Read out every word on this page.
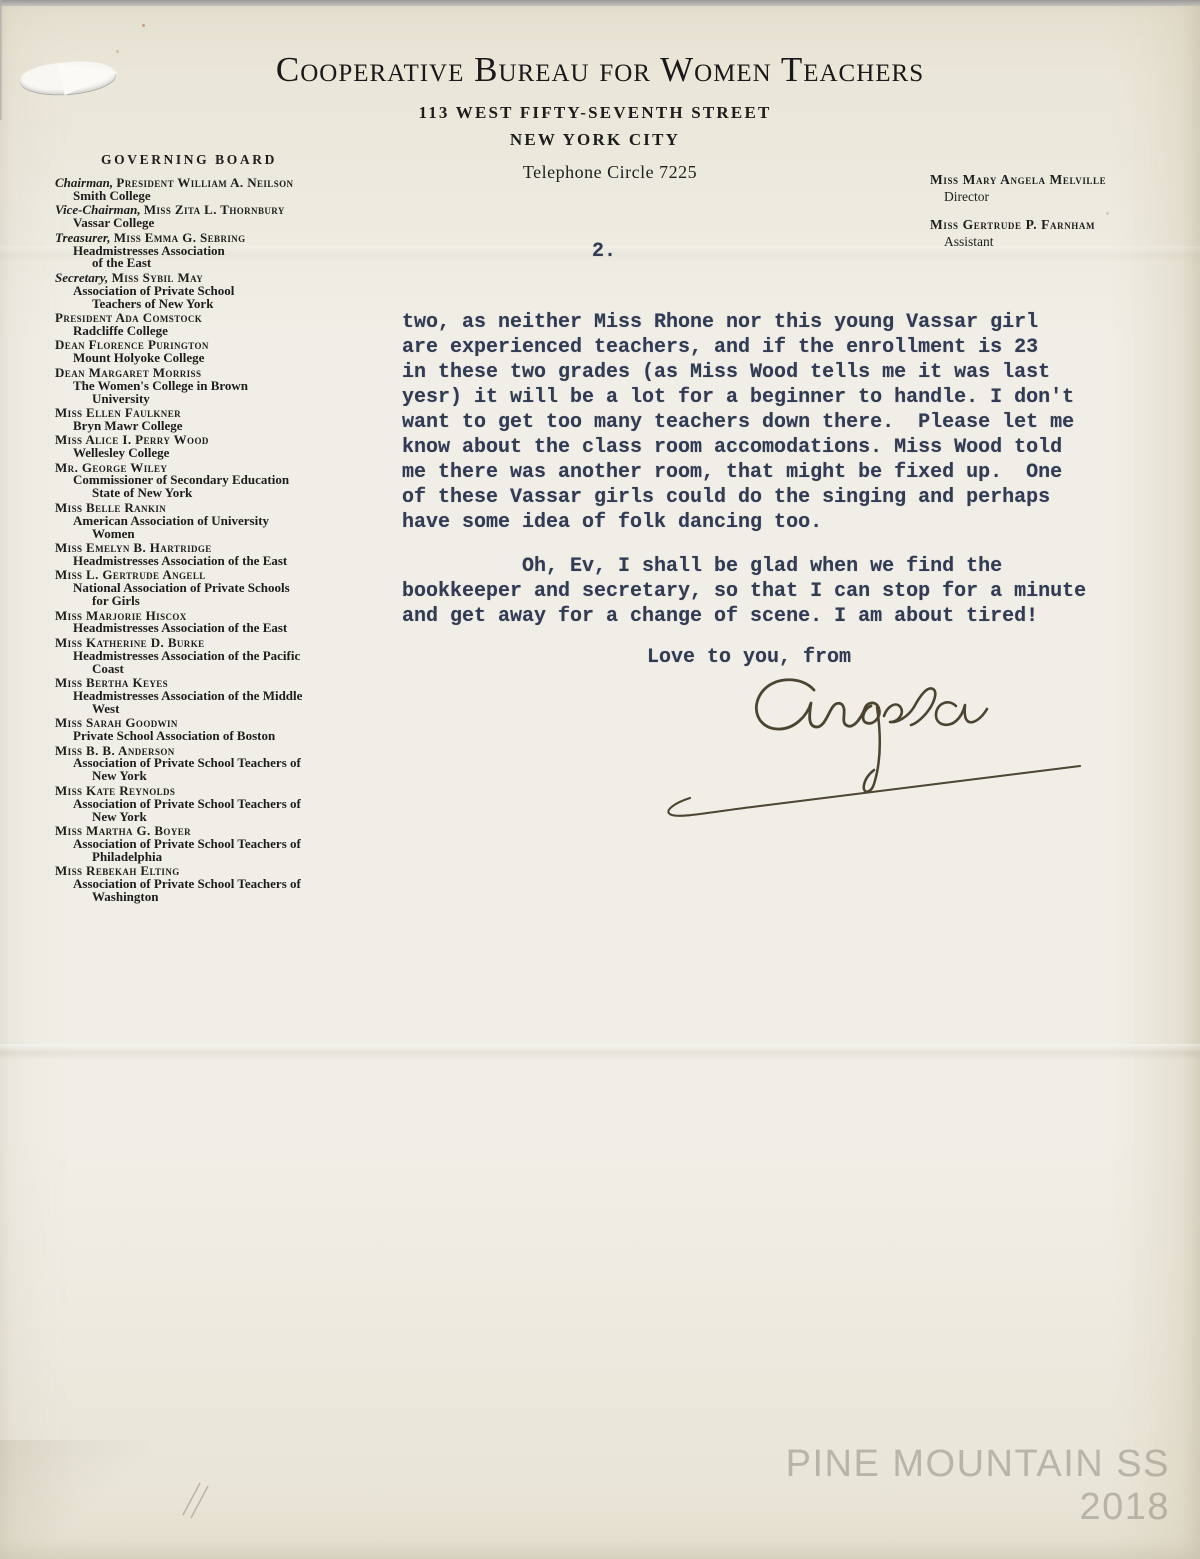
Cooperative Bureau for Women Teachers
113 WEST FIFTY-SEVENTH STREET
NEW YORK CITY
Telephone Circle 7225	Miss Mary Angela Melville
Director
Miss Gertrude P. Farnham
Assistant
GOVERNING BOARD
Chairman, President William A. Neilson
Smith College
Vice-Chairman, Miss Zita L. Thornbury
Vassar College
Treasurer, Miss Emma G. Sebring
Headmistresses Association
of the East
Secretary, Miss Sybil May
Association of Private School
Teachers of New York
President Ada Comstock
Radcliffe College
Dean Florence Purington
Mount Holyoke College
Dean Margaret Morriss
The Women's College in Brown
University
Miss Ellen Faulkner
Bryn Mawr College
Miss Alice I. Perry Wood
Wellesley College
Mr. George Wiley
Commissioner of Secondary Education
State of New York
Miss Belle Rankin
American Association of University
Women
Miss Emelyn B. Hartridge
Headmistresses Association of the East
Miss L. Gertrude Angell
National Association of Private Schools
for Girls
Miss Marjorie Hiscox
Headmistresses Association of the East
Miss Katherine D. Burke
Headmistresses Association of the Pacific
Coast
Miss Bertha Keyes
Headmistresses Association of the Middle
West
Miss Sarah Goodwin
Private School Association of Boston
Miss B. B. Anderson
Association of Private School Teachers of
New York
Miss Kate Reynolds
Association of Private School Teachers of
New York
Miss Martha G. Boyer
Association of Private School Teachers of
Philadelphia
Miss Rebekah Elting
Association of Private School Teachers of
Washington
2.
two, as neither Miss Rhone nor this young Vassar girl
are experienced teachers, and if the enrollment is 23
in these two grades (as Miss Wood tells me it was last
yesr) it will be a lot for a beginner to handle. I don't
want to get too many teachers down there.  Please let me
know about the class room accomodations. Miss Wood told
me there was another room, that might be fixed up.  One
of these Vassar girls could do the singing and perhaps
have some idea of folk dancing too.
Oh, Ev, I shall be glad when we find the
bookkeeper and secretary, so that I can stop for a minute
and get away for a change of scene. I am about tired!
Love to you, from
PINE MOUNTAIN SS 2018
